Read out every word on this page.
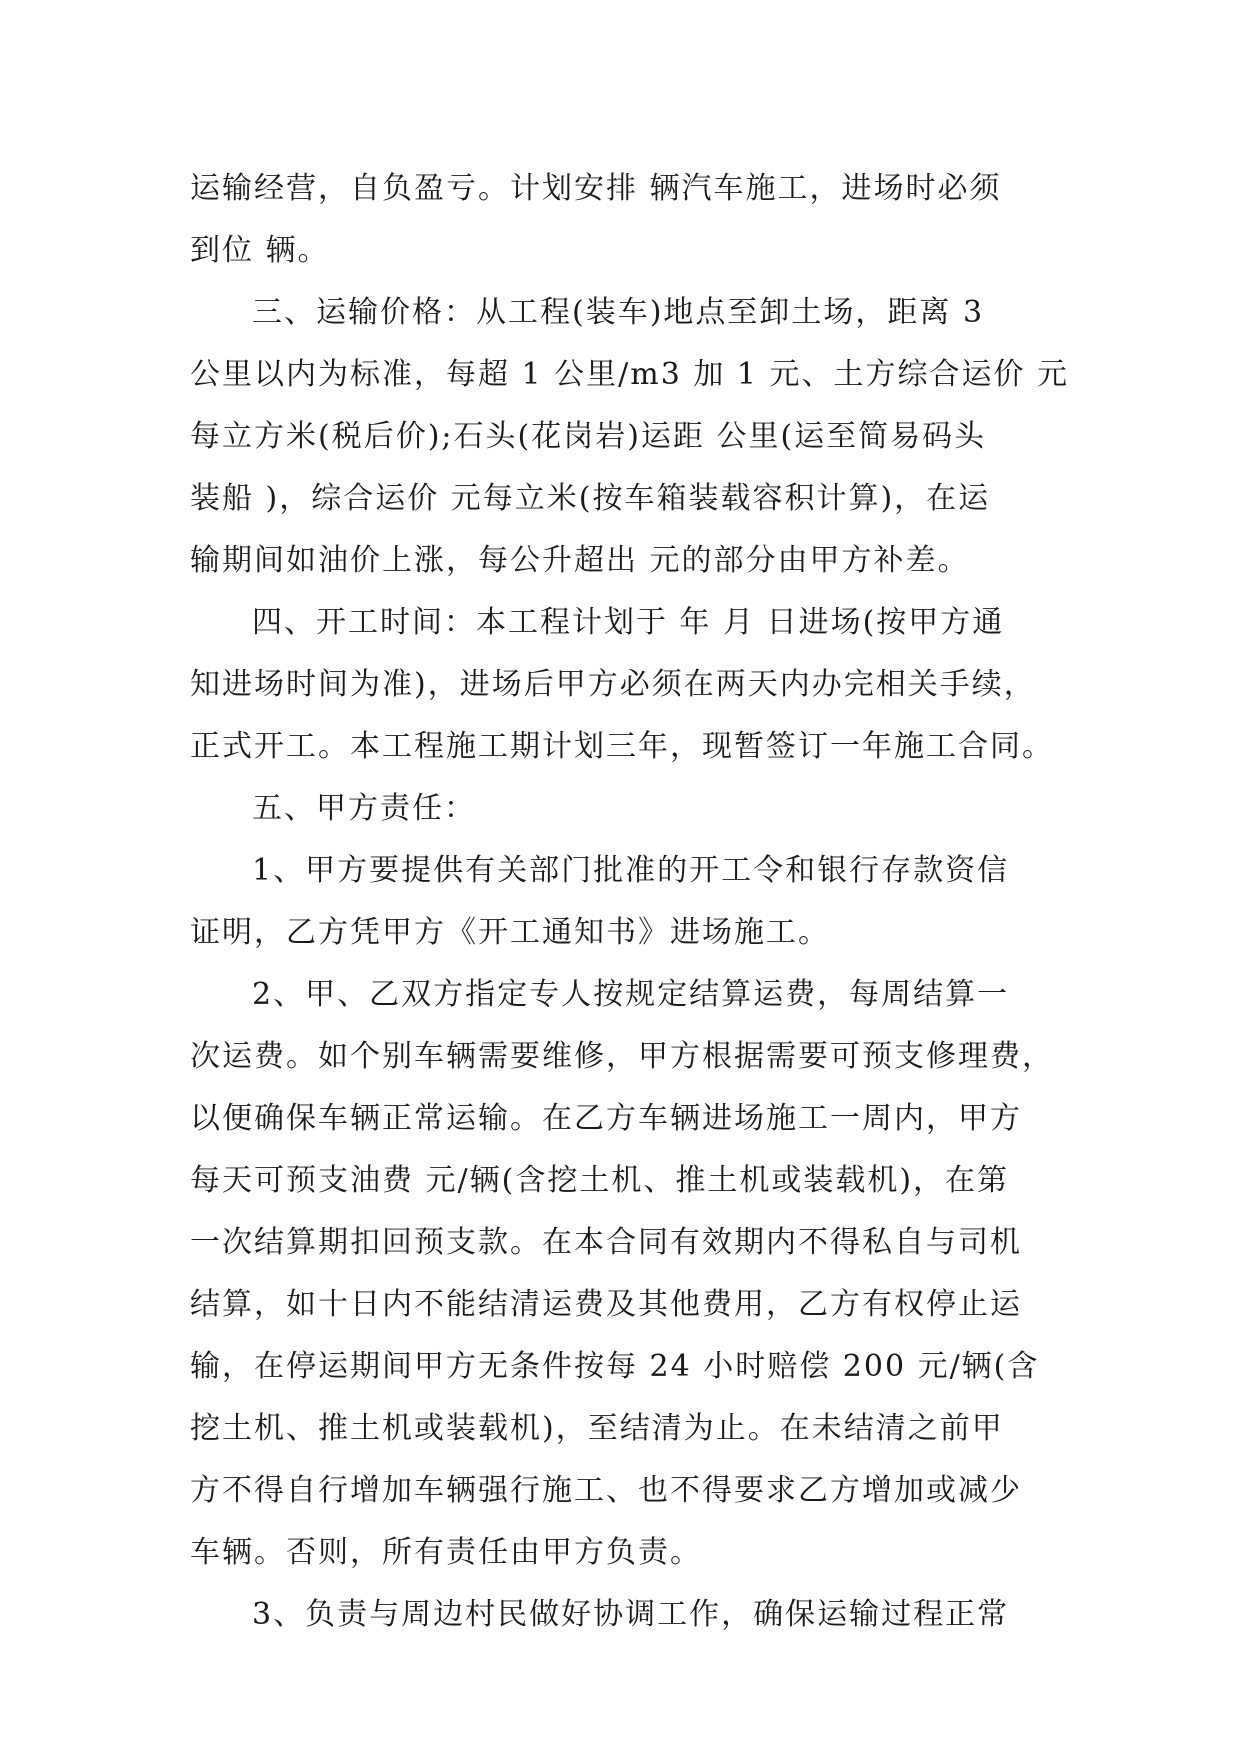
运输经营，自负盈亏。计划安排 辆汽车施工，进场时必须

到位 辆。

三、运输价格：从工程(装车)地点至卸土场，距离 3

公里以内为标准，每超 1 公里/m3 加 1 元、土方综合运价 元

每立方米(税后价);石头(花岗岩)运距 公里(运至简易码头

装船 )，综合运价 元每立米(按车箱装载容积计算)，在运

输期间如油价上涨，每公升超出 元的部分由甲方补差。

四、开工时间：本工程计划于 年 月 日进场(按甲方通

知进场时间为准)，进场后甲方必须在两天内办完相关手续，

正式开工。本工程施工期计划三年，现暂签订一年施工合同。

五、甲方责任：

1、甲方要提供有关部门批准的开工令和银行存款资信

证明，乙方凭甲方《开工通知书》进场施工。

2、甲、乙双方指定专人按规定结算运费，每周结算一

次运费。如个别车辆需要维修，甲方根据需要可预支修理费，

以便确保车辆正常运输。在乙方车辆进场施工一周内，甲方

每天可预支油费 元/辆(含挖土机、推土机或装载机)，在第

一次结算期扣回预支款。在本合同有效期内不得私自与司机

结算，如十日内不能结清运费及其他费用，乙方有权停止运

输，在停运期间甲方无条件按每 24 小时赔偿 200 元/辆(含

挖土机、推土机或装载机)，至结清为止。在未结清之前甲

方不得自行增加车辆强行施工、也不得要求乙方增加或减少

车辆。否则，所有责任由甲方负责。

3、负责与周边村民做好协调工作，确保运输过程正常
